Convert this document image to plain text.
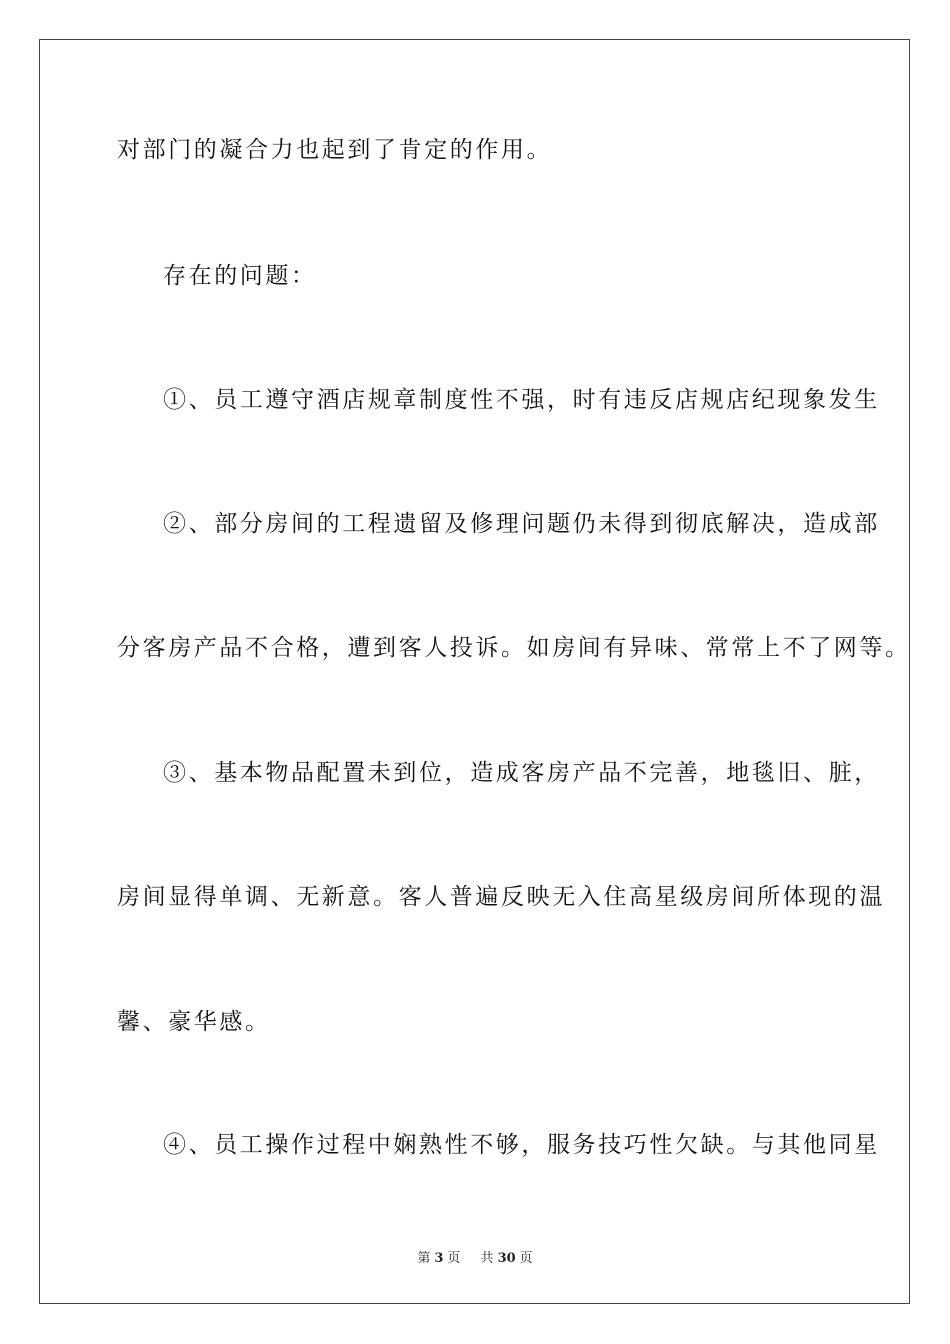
对部门的凝合力也起到了肯定的作用。
存在的问题：
①、员工遵守酒店规章制度性不强，时有违反店规店纪现象发生
②、部分房间的工程遗留及修理问题仍未得到彻底解决，造成部
分客房产品不合格，遭到客人投诉。如房间有异味、常常上不了网等。
③、基本物品配置未到位，造成客房产品不完善，地毯旧、脏，
房间显得单调、无新意。客人普遍反映无入住高星级房间所体现的温
馨、豪华感。
④、员工操作过程中娴熟性不够，服务技巧性欠缺。与其他同星
第 3 页 共 30 页
